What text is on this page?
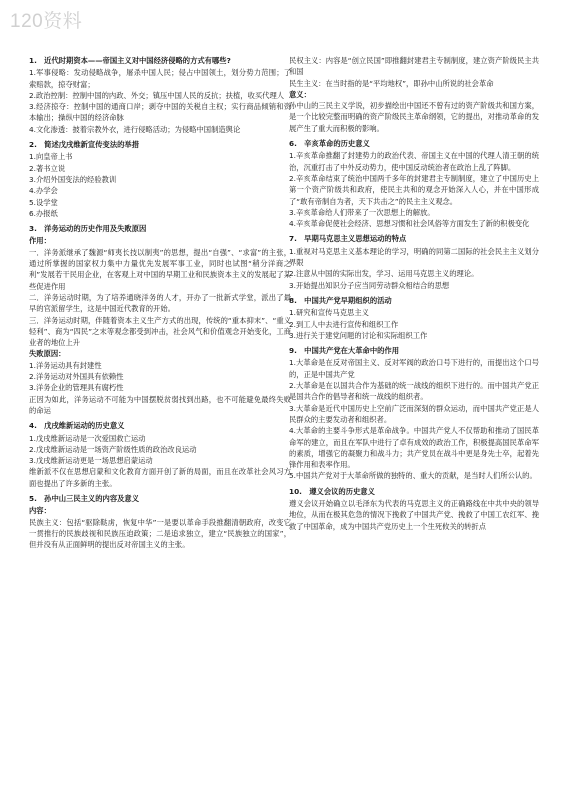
120资料
1.　近代时期资本——帝国主义对中国经济侵略的方式有哪些?

1.军事侵略：发动侵略战争，屠杀中国人民；侵占中国领土，划分势力范围；了索赔款，掠夺财富；

2.政治控制：控制中国的内政、外交；镇压中国人民的反抗；扶植，收买代理人

3.经济掠夺：控制中国的通商口岸；剥夺中国的关税自主权；实行商品倾销和资本输出；操纵中国的经济命脉

4.文化渗透：披着宗教外衣，进行侵略活动；为侵略中国制造舆论

2.　简述戊戌维新宣传变法的举措

1.向皇帝上书

2.著书立说

3.介绍外国变法的经验教训

4.办学会

5.设学堂

6.办报纸

3.　洋务运动的历史作用及失败原因

作用：

一．洋务派继承了魏源“师夷长技以制夷”的思想，提出“自强”、“求富”的主张，通过所掌握的国家权力集中力量优先发展军事工业，同时也试图“稍分洋商之利”发展若干民用企业，在客观上对中国的早期工业和民族资本主义的发展起了某些促进作用

二．洋务运动时期，为了培养通晓洋务的人才，开办了一批新式学堂，派出了最早的官派留学生，这是中国近代教育的开始。

三．洋务运动时期，伴随着资本主义生产方式的出现，传统的“重本抑末”、“重义轻利”、商为“四民”之末等观念都受到冲击，社会风气和价值观念开始变化，工商业者的地位上升

失败原因：

1.洋务运动具有封建性

2.洋务运动对外国具有依赖性

3.洋务企业的管理具有腐朽性

正因为如此，洋务运动不可能为中国摆脱贫弱找到出路，也不可能避免最终失败的命运

4.　戊戌维新运动的历史意义

1.戊戌维新运动是一次爱国救亡运动

2.戊戌维新运动是一场资产阶级性质的政治改良运动

3.戊戌维新运动更是一场思想启蒙运动

维新派不仅在思想启蒙和文化教育方面开创了新的局面，而且在改革社会风习方面也提出了许多新的主张。

5.　孙中山三民主义的内容及意义

内容：

民族主义：包括“驱除鞑虏，恢复中华”一是要以革命手段推翻清朝政府，改变它一贯推行的民族歧视和民族压迫政策；二是追求独立，建立“民族独立的国家”，但并没有从正面鲜明的提出反对帝国主义的主张。

民权主义：内容是“创立民国”即推翻封建君主专制制度，建立资产阶级民主共和国

民生主义：在当时指的是“平均地权”，即孙中山所说的社会革命

意义：

孙中山的三民主义学说，初步描绘出中国还不曾有过的资产阶级共和国方案，是一个比较完整而明确的资产阶级民主革命纲领，它的提出，对推动革命的发展产生了重大而积极的影响。

6.　辛亥革命的历史意义

1.辛亥革命推翻了封建势力的政治代表、帝国主义在中国的代理人清王朝的统治，沉重打击了中外反动势力，使中国反动统治者在政治上乱了阵脚。

2.辛亥革命结束了统治中国两千多年的封建君主专制制度，建立了中国历史上第一个资产阶级共和政府，使民主共和的观念开始深入人心，并在中国形成了“敢有帝制自为者，天下共击之”的民主主义观念。

3.辛亥革命给人们带来了一次思想上的解放。

4.辛亥革命促使社会经济、思想习惯和社会风俗等方面发生了新的积极变化

7.　早期马克思主义思想运动的特点

1.重视对马克思主义基本理论的学习，明确的同第二国际的社会民主主义划分界限

2.注意从中国的实际出发，学习、运用马克思主义的理论。

3.开始提出知识分子应当同劳动群众相结合的思想

8.　中国共产党早期组织的活动

1.研究和宣传马克思主义

2.到工人中去进行宣传和组织工作

3.进行关于建党问题的讨论和实际组织工作

9.　中国共产党在大革命中的作用

1.大革命是在反对帝国主义、反对军阀的政治口号下进行的，而提出这个口号的，正是中国共产党

2.大革命是在以国共合作为基础的统一战线的组织下进行的。而中国共产党正是国共合作的倡导者和统一战线的组织者。

3.大革命是近代中国历史上空前广泛而深刻的群众运动，而中国共产党正是人民群众的主要发动者和组织者。

4.大革命的主要斗争形式是革命战争。中国共产党人不仅帮助和推动了国民革命军的建立，而且在军队中进行了卓有成效的政治工作，积极提高国民革命军的素质，增强它的凝聚力和战斗力；共产党员在战斗中更是身先士卒，起着先锋作用和表率作用。

5.中国共产党对于大革命所做的独特的、重大的贡献，是当时人们所公认的。

10.　遵义会议的历史意义

遵义会议开始确立以毛泽东为代表的马克思主义的正确路线在中共中央的领导地位，从而在极其危急的情况下挽救了中国共产党、挽救了中国工农红军、挽救了中国革命，成为中国共产党历史上一个生死攸关的转折点
